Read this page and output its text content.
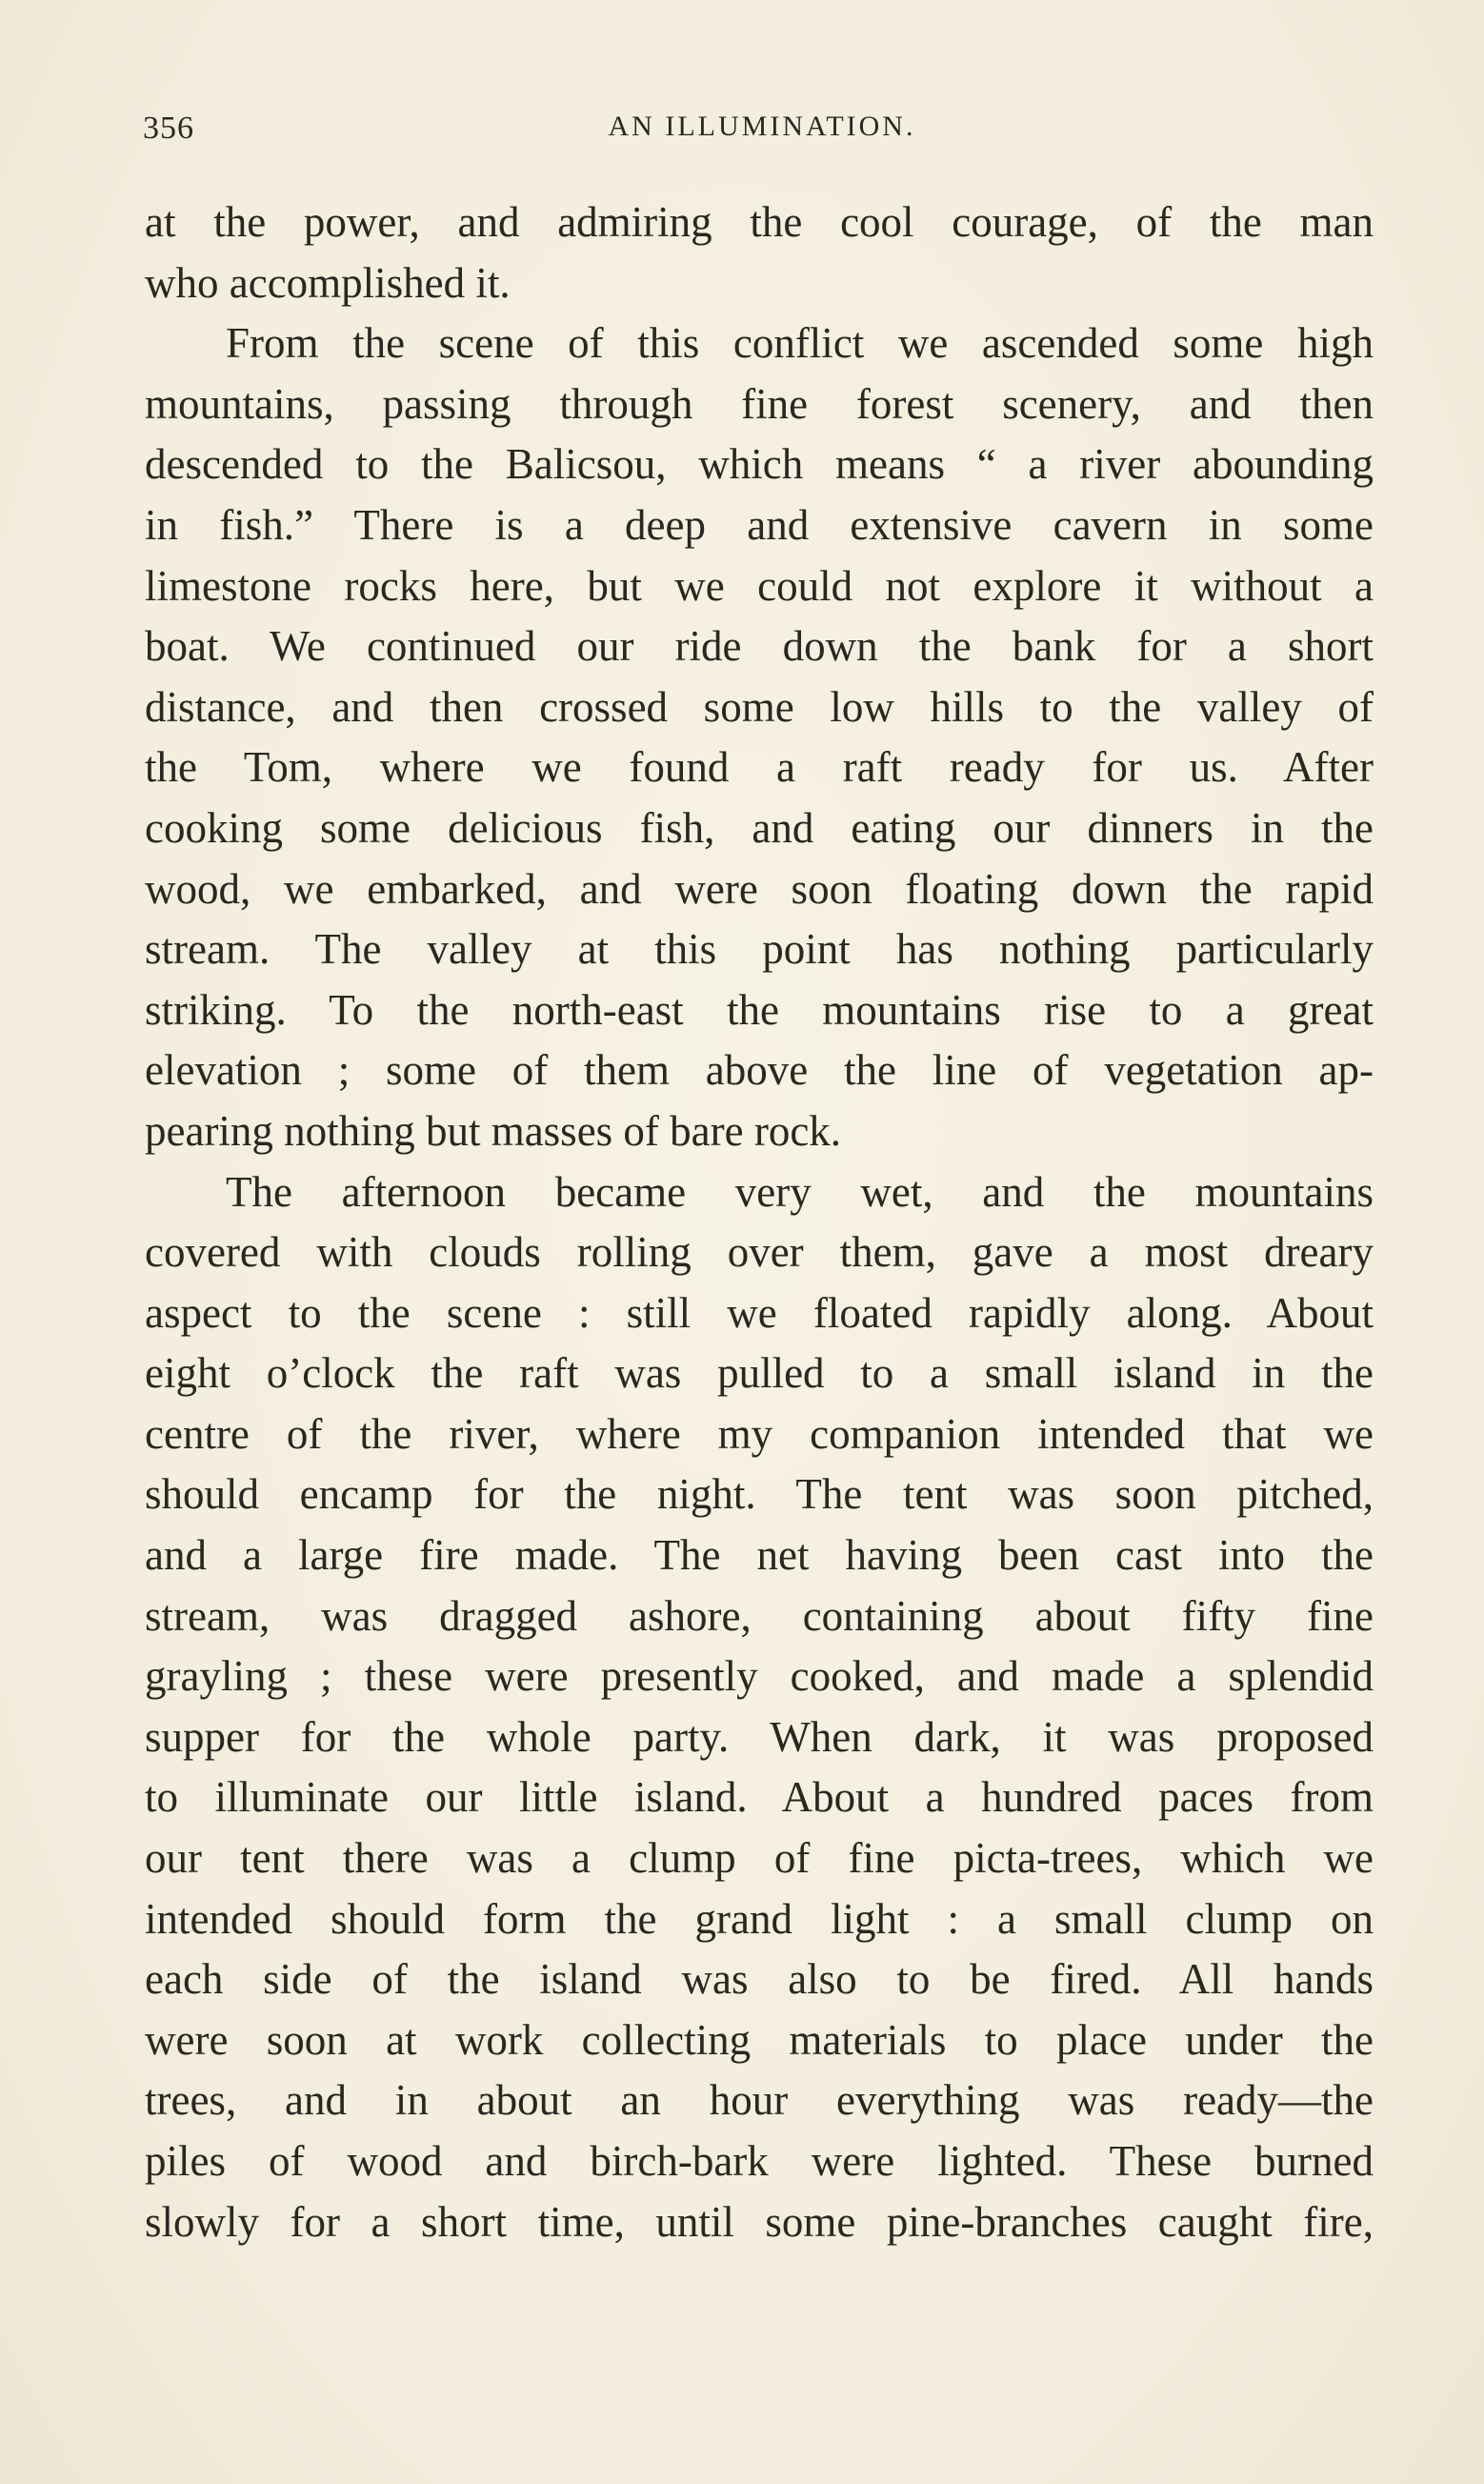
356	AN ILLUMINATION.
at the power, and admiring the cool courage, of the man
who accomplished it.
From the scene of this conflict we ascended some high
mountains, passing through fine forest scenery, and then
descended to the Balicsou, which means “ a river abounding
in fish.” There is a deep and extensive cavern in some
limestone rocks here, but we could not explore it without a
boat. We continued our ride down the bank for a short
distance, and then crossed some low hills to the valley of
the Tom, where we found a raft ready for us. After
cooking some delicious fish, and eating our dinners in the
wood, we embarked, and were soon floating down the rapid
stream. The valley at this point has nothing particularly
striking. To the north-east the mountains rise to a great
elevation ; some of them above the line of vegetation ap-
pearing nothing but masses of bare rock.
The afternoon became very wet, and the mountains
covered with clouds rolling over them, gave a most dreary
aspect to the scene : still we floated rapidly along. About
eight o’clock the raft was pulled to a small island in the
centre of the river, where my companion intended that we
should encamp for the night. The tent was soon pitched,
and a large fire made. The net having been cast into the
stream, was dragged ashore, containing about fifty fine
grayling ; these were presently cooked, and made a splendid
supper for the whole party. When dark, it was proposed
to illuminate our little island. About a hundred paces from
our tent there was a clump of fine picta-trees, which we
intended should form the grand light : a small clump on
each side of the island was also to be fired. All hands
were soon at work collecting materials to place under the
trees, and in about an hour everything was ready—the
piles of wood and birch-bark were lighted. These burned
slowly for a short time, until some pine-branches caught fire,
